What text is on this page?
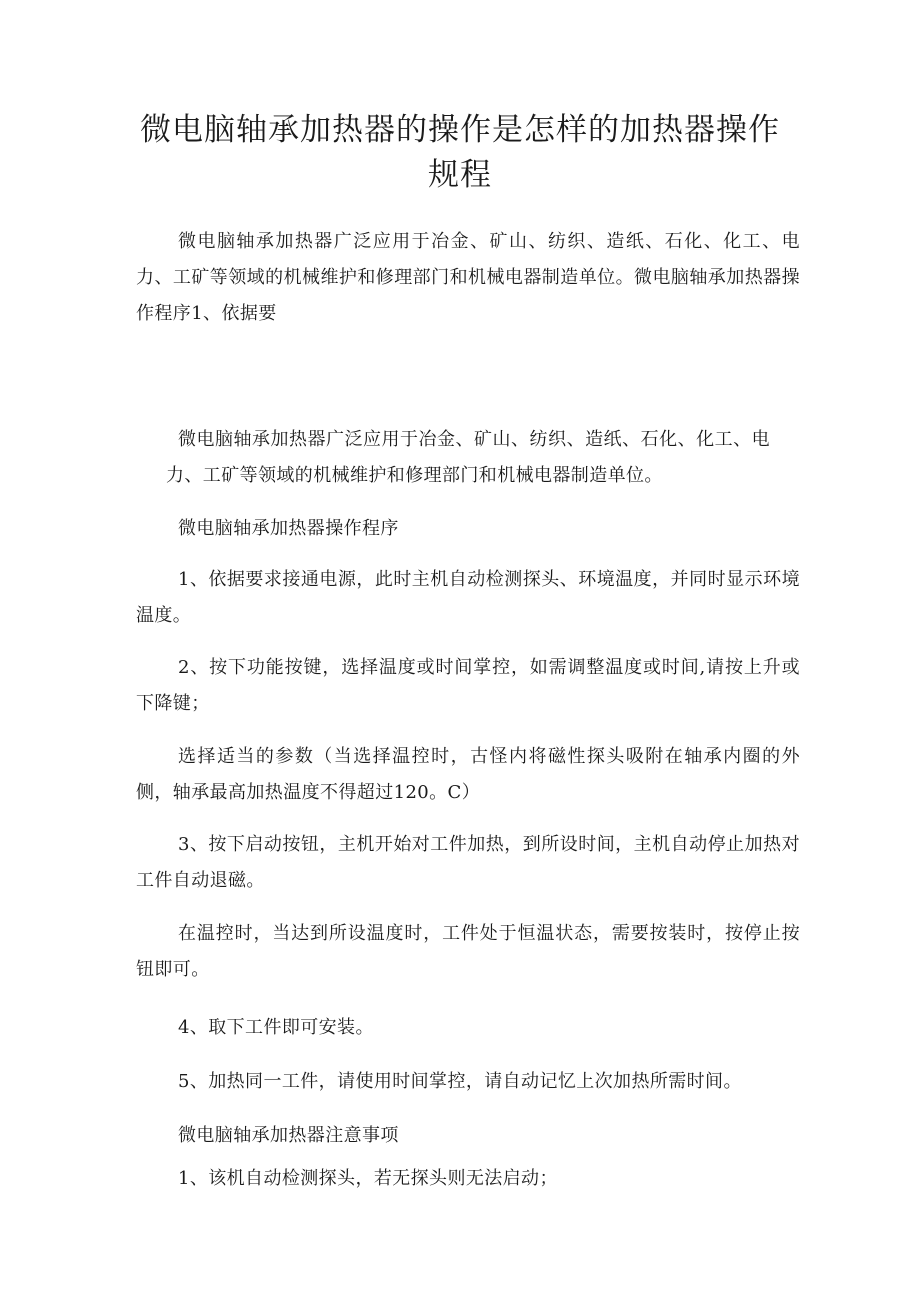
微电脑轴承加热器的操作是怎样的加热器操作规程

微电脑轴承加热器广泛应用于冶金、矿山、纺织、造纸、石化、化工、电力、工矿等领域的机械维护和修理部门和机械电器制造单位。微电脑轴承加热器操作程序1、依据要

微电脑轴承加热器广泛应用于冶金、矿山、纺织、造纸、石化、化工、电力、工矿等领域的机械维护和修理部门和机械电器制造单位。

微电脑轴承加热器操作程序

1、依据要求接通电源，此时主机自动检测探头、环境温度，并同时显示环境温度。

2、按下功能按键，选择温度或时间掌控，如需调整温度或时间,请按上升或下降键；

选择适当的参数（当选择温控时，古怪内将磁性探头吸附在轴承内圈的外侧，轴承最高加热温度不得超过120。C）

3、按下启动按钮，主机开始对工件加热，到所设时间，主机自动停止加热对工件自动退磁。

在温控时，当达到所设温度时，工件处于恒温状态，需要按装时，按停止按钮即可。

4、取下工件即可安装。

5、加热同一工件，请使用时间掌控，请自动记忆上次加热所需时间。

微电脑轴承加热器注意事项

1、该机自动检测探头，若无探头则无法启动；
